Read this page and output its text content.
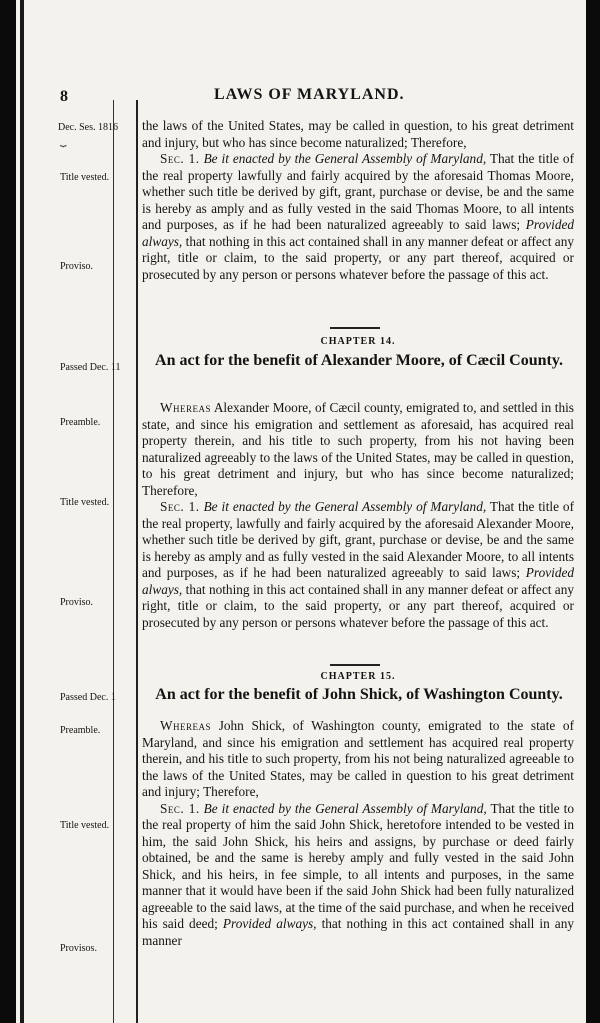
8	LAWS OF MARYLAND.
Dec. Ses. 1816
⏟
Title vested.
Proviso.
Passed Dec. 11
Preamble.
Title vested.
Proviso.
Passed Dec. 1
Preamble.
Title vested.
Provisos.

the laws of the United States, may be called in question, to his great detriment and injury, but who has since become naturalized; Therefore,

Sec. 1. Be it enacted by the General Assembly of Maryland, That the title of the real property lawfully and fairly acquired by the aforesaid Thomas Moore, whether such title be derived by gift, grant, purchase or devise, be and the same is hereby as amply and as fully vested in the said Thomas Moore, to all intents and purposes, as if he had been naturalized agreeably to said laws; Provided always, that nothing in this act contained shall in any manner defeat or affect any right, title or claim, to the said property, or any part thereof, acquired or prosecuted by any person or persons whatever before the passage of this act.

CHAPTER 14.
An act for the benefit of Alexander Moore, of Cæcil County.

Whereas Alexander Moore, of Cæcil county, emigrated to, and settled in this state, and since his emigration and settlement as aforesaid, has acquired real property therein, and his title to such property, from his not having been naturalized agreeably to the laws of the United States, may be called in question, to his great detriment and injury, but who has since become naturalized; Therefore,

Sec. 1. Be it enacted by the General Assembly of Maryland, That the title of the real property, lawfully and fairly acquired by the aforesaid Alexander Moore, whether such title be derived by gift, grant, purchase or devise, be and the same is hereby as amply and as fully vested in the said Alexander Moore, to all intents and purposes, as if he had been naturalized agreeably to said laws; Provided always, that nothing in this act contained shall in any manner defeat or affect any right, title or claim, to the said property, or any part thereof, acquired or prosecuted by any person or persons whatever before the passage of this act.

CHAPTER 15.
An act for the benefit of John Shick, of Washington County.

Whereas John Shick, of Washington county, emigrated to the state of Maryland, and since his emigration and settlement has acquired real property therein, and his title to such property, from his not being naturalized agreeable to the laws of the United States, may be called in question to his great detriment and injury; Therefore,

Sec. 1. Be it enacted by the General Assembly of Maryland, That the title to the real property of him the said John Shick, heretofore intended to be vested in him, the said John Shick, his heirs and assigns, by purchase or deed fairly obtained, be and the same is hereby amply and fully vested in the said John Shick, and his heirs, in fee simple, to all intents and purposes, in the same manner that it would have been if the said John Shick had been fully naturalized agreeable to the said laws, at the time of the said purchase, and when he received his said deed; Provided always, that nothing in this act contained shall in any manner
